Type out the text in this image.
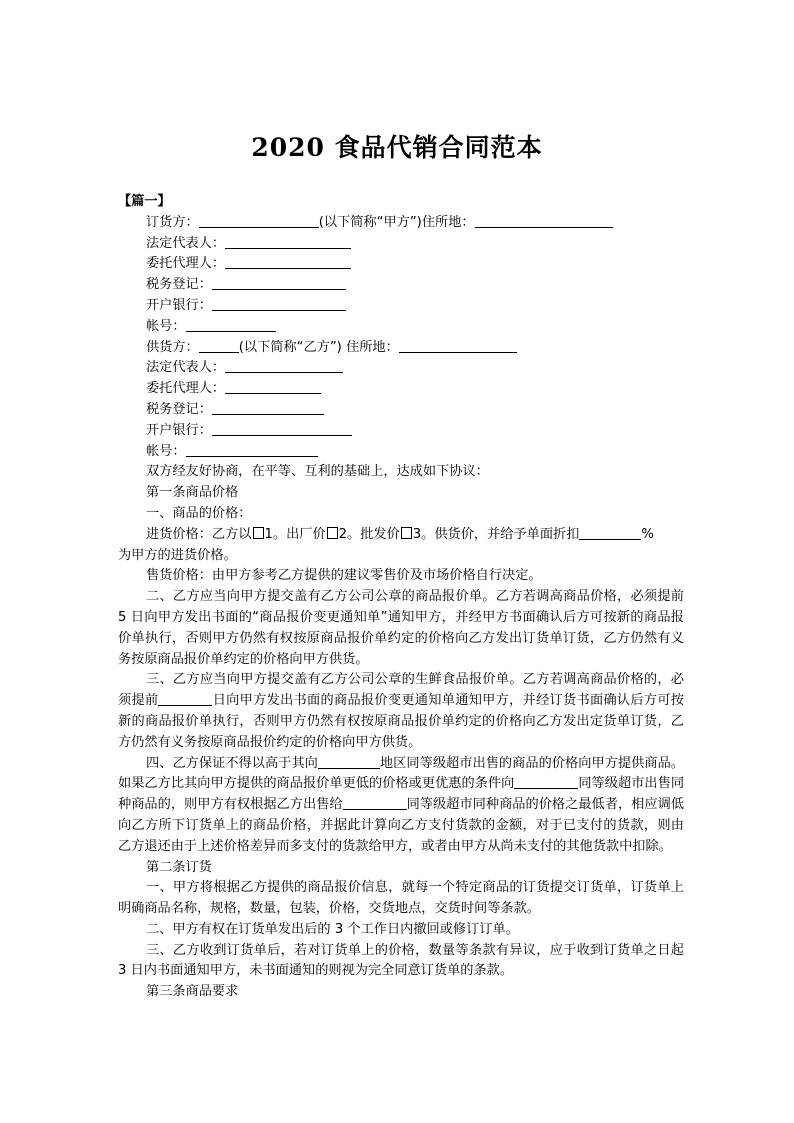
2020 食品代销合同范本
【篇一】
订货方：	(以下简称“甲方”)住所地：
法定代表人：
委托代理人：
税务登记：
开户银行：
帐号：
供货方：	(以下简称“乙方”) 住所地：
法定代表人：
委托代理人：
税务登记：
开户银行：
帐号：

双方经友好协商，在平等、互利的基础上，达成如下协议：

第一条商品价格

一、商品的价格：

进货价格：乙方以 1。出厂价 2。批发价 3。供货价，并给予单面折扣	%
为甲方的进货价格。

售货价格：由甲方参考乙方提供的建议零售价及市场价格自行决定。

二、乙方应当向甲方提交盖有乙方公司公章的商品报价单。乙方若调高商品价格，必须提前 5 日向甲方发出书面的“商品报价变更通知单”通知甲方，并经甲方书面确认后方可按新的商品报价单执行，否则甲方仍然有权按原商品报价单约定的价格向乙方发出订货单订货，乙方仍然有义务按原商品报价单约定的价格向甲方供货。

三、乙方应当向甲方提交盖有乙方公司公章的生鲜食品报价单。乙方若调高商品价格的，必须提前	日向甲方发出书面的商品报价变更通知单通知甲方，并经订货书面确认后方可按新的商品报价单执行，否则甲方仍然有权按原商品报价单约定的价格向乙方发出定货单订货，乙方仍然有义务按原商品报价约定的价格向甲方供货。

四、乙方保证不得以高于其向	地区同等级超市出售的商品的价格向甲方提供商品。如果乙方比其向甲方提供的商品报价单更低的价格或更优惠的条件向	同等级超市出售同种商品的，则甲方有权根据乙方出售给	同等级超市同种商品的价格之最低者，相应调低向乙方所下订货单上的商品价格，并据此计算向乙方支付货款的金额，对于已支付的货款，则由乙方退还由于上述价格差异而多支付的货款给甲方，或者由甲方从尚未支付的其他货款中扣除。

第二条订货

一、甲方将根据乙方提供的商品报价信息，就每一个特定商品的订货提交订货单，订货单上明确商品名称，规格，数量，包装，价格，交货地点，交货时间等条款。

二、甲方有权在订货单发出后的 3 个工作日内撤回或修订订单。

三、乙方收到订货单后，若对订货单上的价格，数量等条款有异议，应于收到订货单之日起 3 日内书面通知甲方，未书面通知的则视为完全同意订货单的条款。

第三条商品要求
